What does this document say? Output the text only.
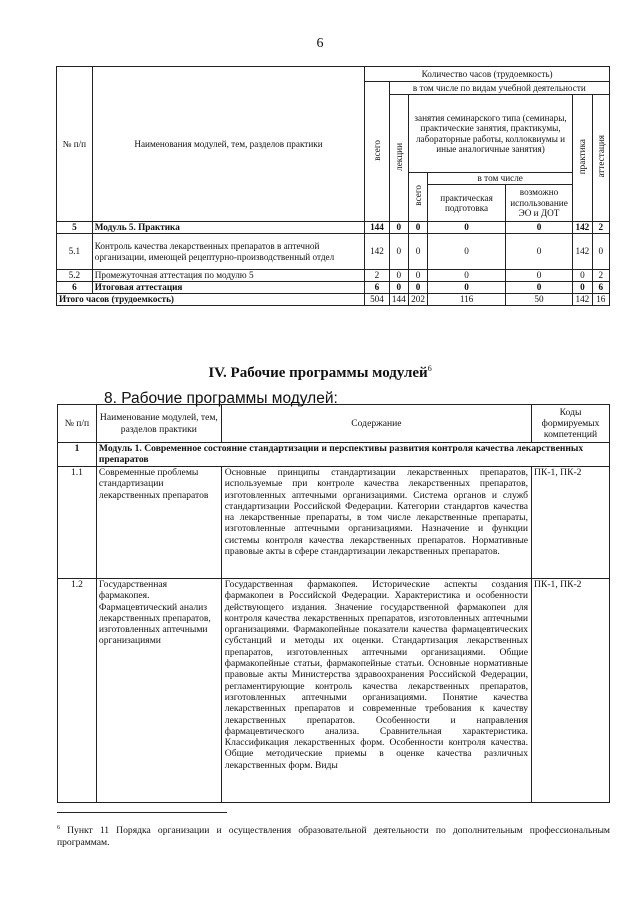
6
№ п/п	Наименования модулей, тем, разделов практики	Количество часов (трудоемкость)						
		всего	в том числе по видам учебной деятельности					
			лекции	занятия семинарского типа (семинары, практические занятия, практикумы, лабораторные работы, коллоквиумы и иные аналогичные занятия)			практика	аттестация
				всего	в том числе			
					практическая подготовка	возможно использование ЭО и ДОТ		
5	Модуль 5. Практика	144	0	0	0	0	142	2
5.1	Контроль качества лекарственных препаратов в аптечной организации, имеющей рецептурно-производственный отдел	142	0	0	0	0	142	0
5.2	Промежуточная аттестация по модулю 5	2	0	0	0	0	0	2
6	Итоговая аттестация	6	0	0	0	0	0	6
Итого часов (трудоемкость)		504	144	202	116	50	142	16
IV. Рабочие программы модулей$^6$
8. Рабочие программы модулей:
№ п/п	Наименование модулей, тем, разделов практики	Содержание	Коды формируемых компетенций
1	Модуль 1. Современное состояние стандартизации и перспективы развития контроля качества лекарственных препаратов		
1.1	Современные проблемы стандартизации лекарственных препаратов	Основные принципы стандартизации лекарственных препаратов, используемые при контроле качества лекарственных препаратов, изготовленных аптечными организациями. Система органов и служб стандартизации Российской Федерации. Категории стандартов качества на лекарственные препараты, в том числе лекарственные препараты, изготовленные аптечными организациями. Назначение и функции системы контроля качества лекарственных препаратов. Нормативные правовые акты в сфере стандартизации лекарственных препаратов.	ПК-1, ПК-2
1.2	Государственная фармакопея. Фармацевтический анализ лекарственных препаратов, изготовленных аптечными организациями	Государственная фармакопея. Исторические аспекты создания фармакопеи в Российской Федерации. Характеристика и особенности действующего издания. Значение государственной фармакопеи для контроля качества лекарственных препаратов, изготовленных аптечными организациями. Фармакопейные показатели качества фармацевтических субстанций и методы их оценки. Стандартизация лекарственных препаратов, изготовленных аптечными организациями. Общие фармакопейные статьи, фармакопейные статьи. Основные нормативные правовые акты Министерства здравоохранения Российской Федерации, регламентирующие контроль качества лекарственных препаратов, изготовленных аптечными организациями. Понятие качества лекарственных препаратов и современные требования к качеству лекарственных препаратов. Особенности и направления фармацевтического анализа. Сравнительная характеристика. Классификация лекарственных форм. Особенности контроля качества. Общие методические приемы в оценке качества различных лекарственных форм. Виды	ПК-1, ПК-2
$^6$ Пункт 11 Порядка организации и осуществления образовательной деятельности по дополнительным профессиональным программам.
